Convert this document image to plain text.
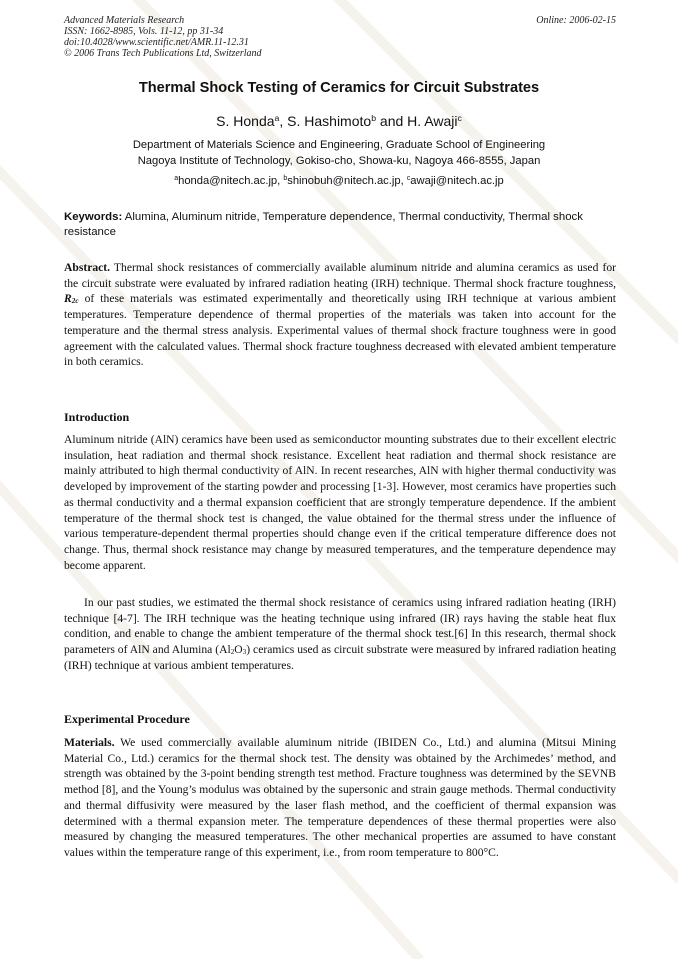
Advanced Materials Research
ISSN: 1662-8985, Vols. 11-12, pp 31-34
doi:10.4028/www.scientific.net/AMR.11-12.31
© 2006 Trans Tech Publications Ltd, Switzerland
Online: 2006-02-15
Thermal Shock Testing of Ceramics for Circuit Substrates
S. Honda$^a$, S. Hashimoto$^b$ and H. Awaji$^c$
Department of Materials Science and Engineering, Graduate School of Engineering
Nagoya Institute of Technology, Gokiso-cho, Showa-ku, Nagoya 466-8555, Japan
$^a$honda@nitech.ac.jp, $^b$shinobuh@nitech.ac.jp, $^c$awaji@nitech.ac.jp
Keywords: Alumina, Aluminum nitride, Temperature dependence, Thermal conductivity, Thermal shock resistance
Abstract. Thermal shock resistances of commercially available aluminum nitride and alumina ceramics as used for the circuit substrate were evaluated by infrared radiation heating (IRH) technique. Thermal shock fracture toughness, $R_{2c}$ of these materials was estimated experimentally and theoretically using IRH technique at various ambient temperatures. Temperature dependence of thermal properties of the materials was taken into account for the temperature and the thermal stress analysis. Experimental values of thermal shock fracture toughness were in good agreement with the calculated values. Thermal shock fracture toughness decreased with elevated ambient temperature in both ceramics.
Introduction
Aluminum nitride (AlN) ceramics have been used as semiconductor mounting substrates due to their excellent electric insulation, heat radiation and thermal shock resistance. Excellent heat radiation and thermal shock resistance are mainly attributed to high thermal conductivity of AlN. In recent researches, AlN with higher thermal conductivity was developed by improvement of the starting powder and processing [1-3]. However, most ceramics have properties such as thermal conductivity and a thermal expansion coefficient that are strongly temperature dependence. If the ambient temperature of the thermal shock test is changed, the value obtained for the thermal stress under the influence of various temperature-dependent thermal properties should change even if the critical temperature difference does not change. Thus, thermal shock resistance may change by measured temperatures, and the temperature dependence may become apparent.
In our past studies, we estimated the thermal shock resistance of ceramics using infrared radiation heating (IRH) technique [4-7]. The IRH technique was the heating technique using infrared (IR) rays having the stable heat flux condition, and enable to change the ambient temperature of the thermal shock test.[6] In this research, thermal shock parameters of AlN and Alumina $(Al_2O_3)$ ceramics used as circuit substrate were measured by infrared radiation heating (IRH) technique at various ambient temperatures.
Experimental Procedure
Materials. We used commercially available aluminum nitride (IBIDEN Co., Ltd.) and alumina (Mitsui Mining Material Co., Ltd.) ceramics for the thermal shock test. The density was obtained by the Archimedes’ method, and strength was obtained by the 3-point bending strength test method. Fracture toughness was determined by the SEVNB method [8], and the Young’s modulus was obtained by the supersonic and strain gauge methods. Thermal conductivity and thermal diffusivity were measured by the laser flash method, and the coefficient of thermal expansion was determined with a thermal expansion meter. The temperature dependences of these thermal properties were also measured by changing the measured temperatures. The other mechanical properties are assumed to have constant values within the temperature range of this experiment, i.e., from room temperature to 800°C.
